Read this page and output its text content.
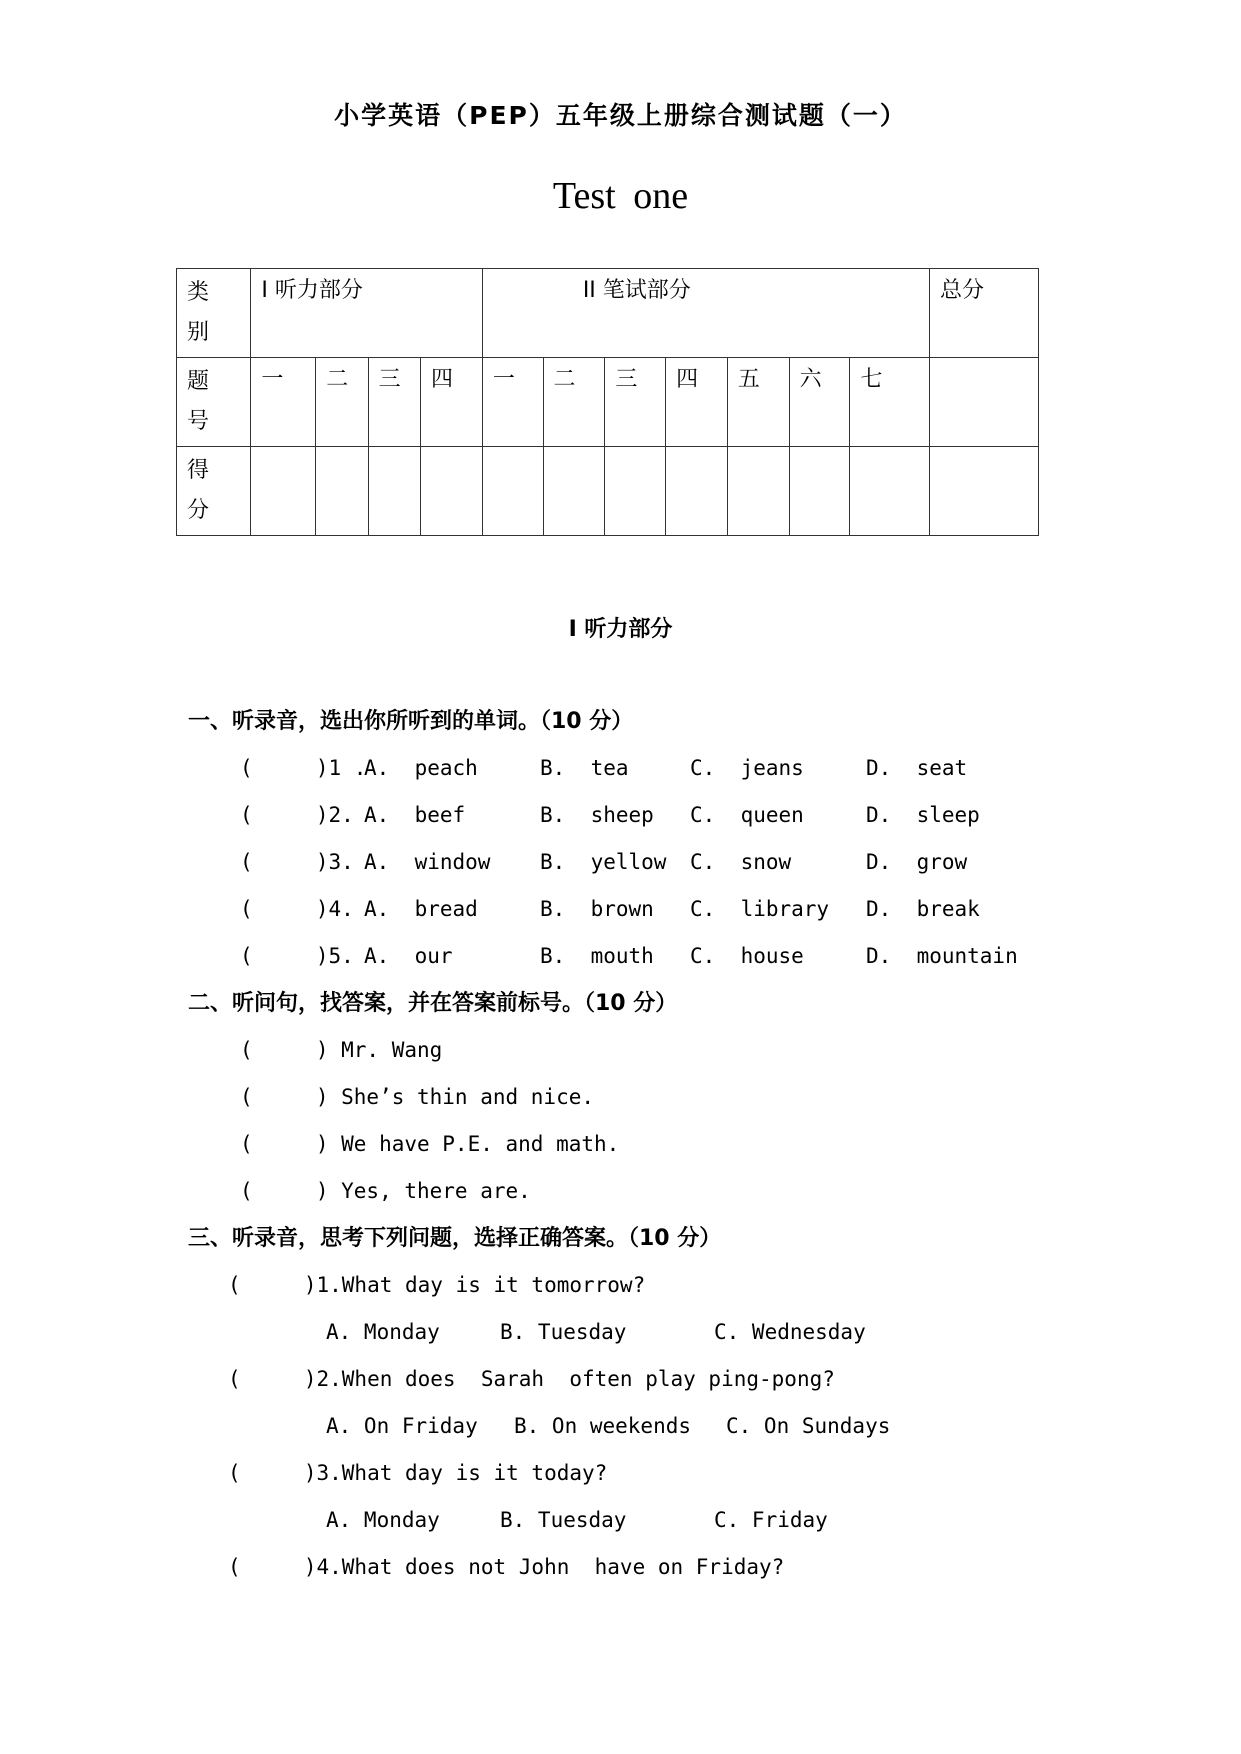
小学英语（PEP）五年级上册综合测试题（一）
Test one
类别	I 听力部分				II 笔试部分							总分

题号	一	二	三	四	一	二	三	四	五	六	七	

得分												

I 听力部分
一、听录音，选出你所听到的单词。（10 分）
(     )1 .
A.  peach	B.  tea	C.  jeans	D.  seat
(     )2. A.  beef	B.  sheep C.  queen	D.  sleep
(     )3. A.  window B.  yellow C.  snow	D.  grow
(     )4. A.  bread	B.  brown C.  library D.  break
(     )5. A.  our	B.  mouth C.  house	D.  mountain
二、听问句，找答案，并在答案前标号。（10 分）
(     ) Mr. Wang
(     ) She’s thin and nice.
(     ) We have P.E. and math.
(     ) Yes, there are.
三、听录音，思考下列问题，选择正确答案。（10 分）
(     )1.What day is it tomorrow?
A. Monday	B. Tuesday	C. Wednesday
(     )2.When does  Sarah  often play ping-pong?
A. On Friday B. On weekends C. On Sundays
(     )3.What day is it today?
A. Monday	B. Tuesday	C. Friday
(     )4.What does not John  have on Friday?
